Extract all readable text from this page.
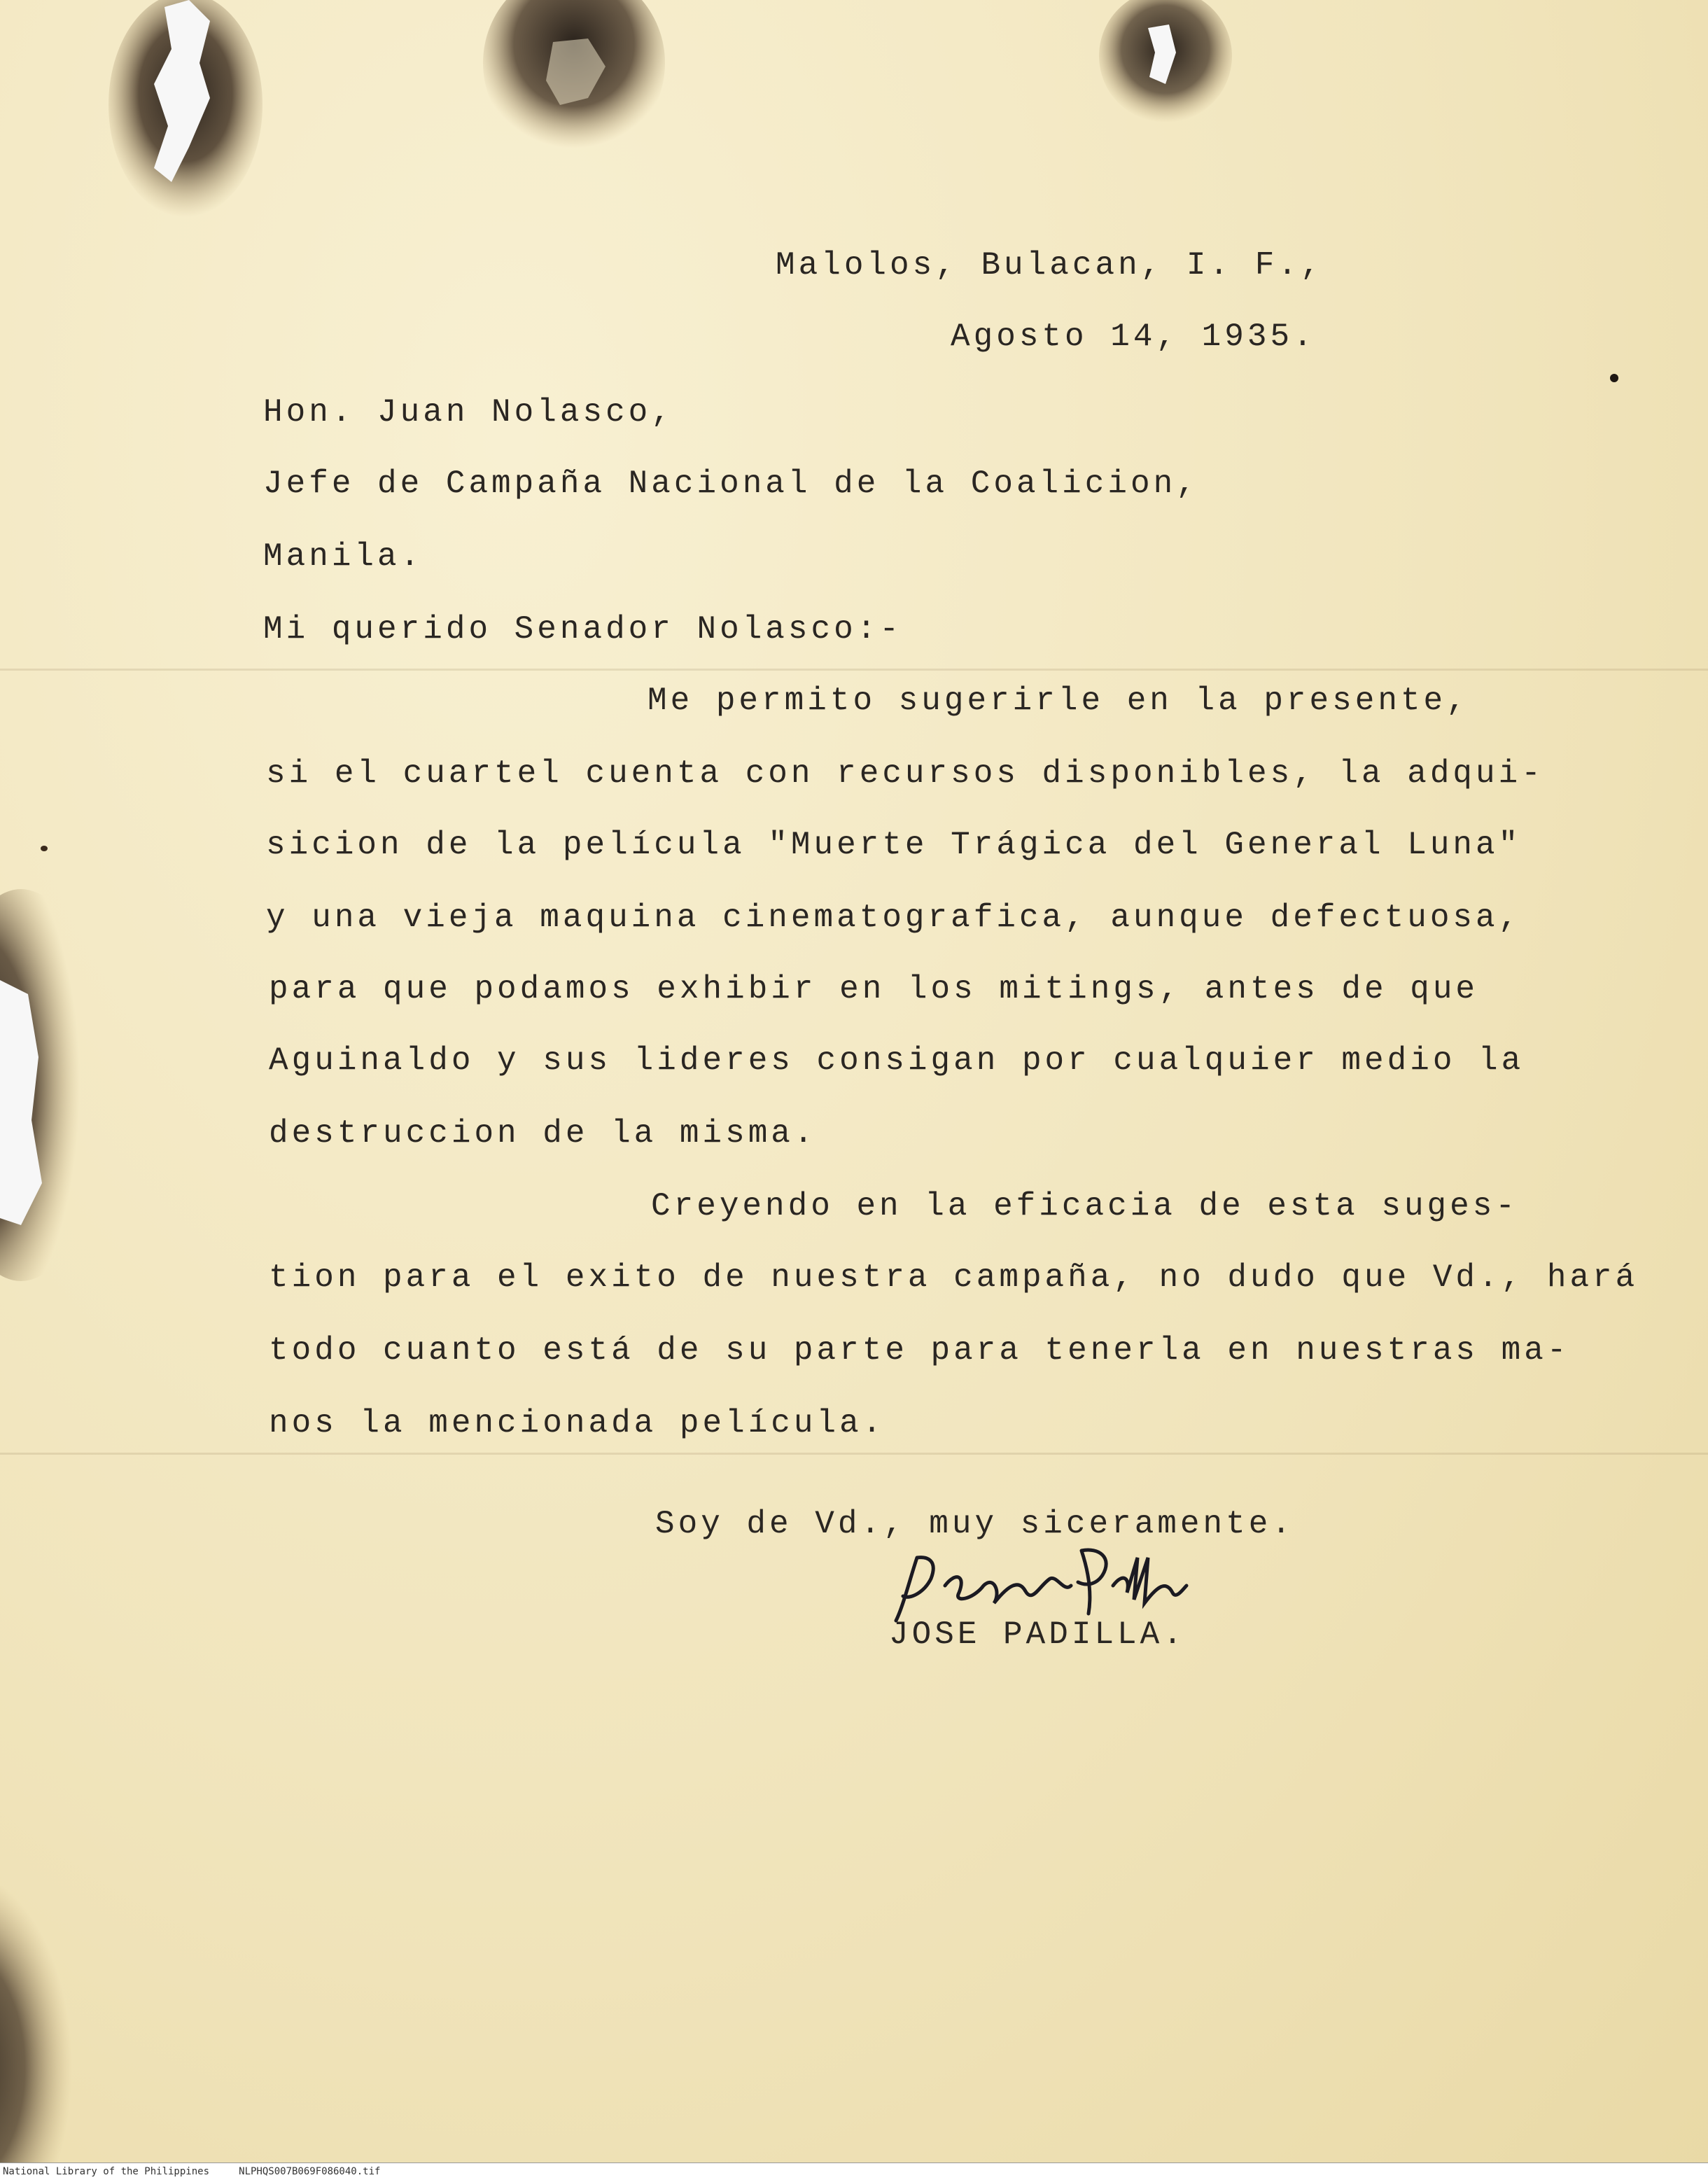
Malolos, Bulacan, I. F.,
Agosto 14, 1935.
Hon. Juan Nolasco,
Jefe de Campaña Nacional de la Coalicion,
Manila.
Mi querido Senador Nolasco:-
Me permito sugerirle en la presente,
si el cuartel cuenta con recursos disponibles, la adqui-
sicion de la película "Muerte Trágica del General Luna"
y una vieja maquina cinematografica, aunque defectuosa,
para que podamos exhibir en los mitings, antes de que
Aguinaldo y sus lideres consigan por cualquier medio la
destruccion de la misma.
Creyendo en la eficacia de esta suges-
tion para el exito de nuestra campaña, no dudo que Vd., hará
todo cuanto está de su parte para tenerla en nuestras ma-
nos la mencionada película.
Soy de Vd., muy siceramente.
JOSE PADILLA.
National Library of the Philippines     NLPHQS007B069F086040.tif
